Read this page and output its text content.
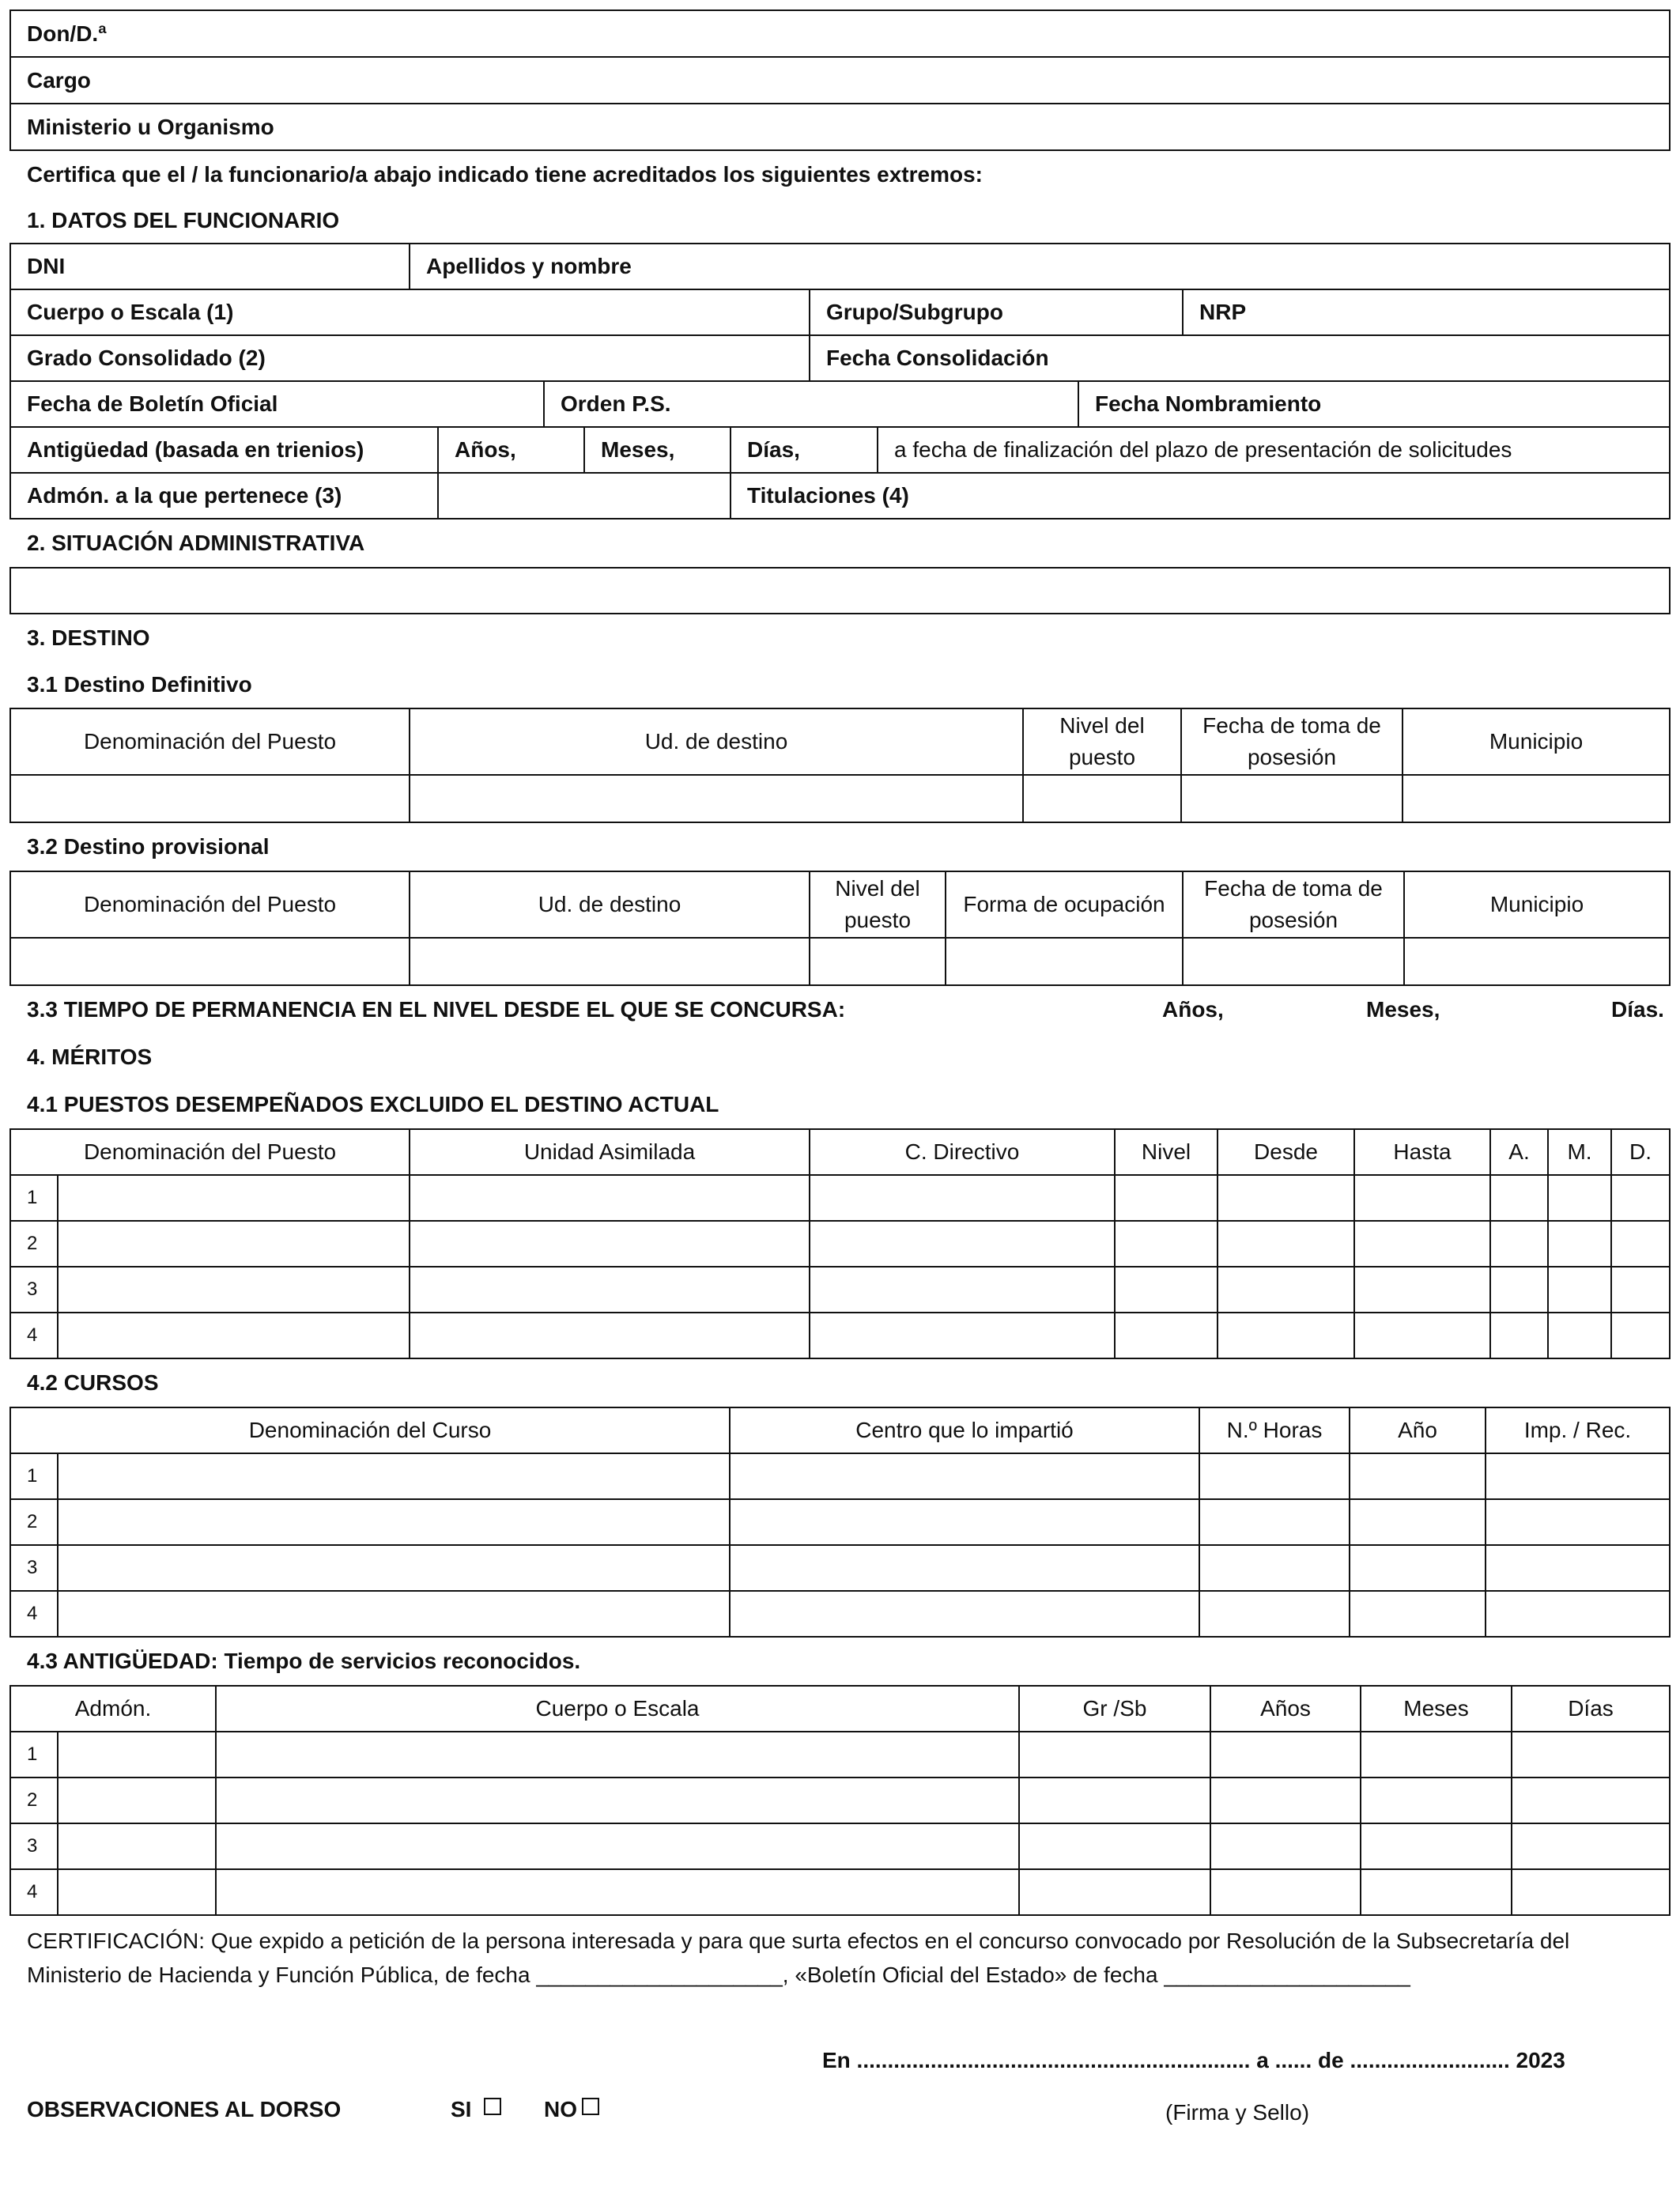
Don/D.ª
Cargo
Ministerio u Organismo
Certifica que el / la funcionario/a abajo indicado tiene acreditados los siguientes extremos:
1. DATOS DEL FUNCIONARIO
DNI	Apellidos y nombre
Cuerpo o Escala (1)	Grupo/Subgrupo	NRP
Grado Consolidado (2)	Fecha Consolidación	
Fecha de Boletín Oficial	Orden P.S.	Fecha Nombramiento
Antigüedad (basada en trienios)	Años,	Meses,	Días,	a fecha de finalización del plazo de presentación de solicitudes
Admón. a la que pertenece (3)		Titulaciones (4)
2. SITUACIÓN ADMINISTRATIVA
3. DESTINO
3.1 Destino Definitivo
Denominación del Puesto	Ud. de destino	Nivel del puesto	Fecha de toma de posesión	Municipio

3.2 Destino provisional
Denominación del Puesto	Ud. de destino	Nivel del puesto	Forma de ocupación	Fecha de toma de posesión	Municipio

3.3 TIEMPO DE PERMANENCIA EN EL NIVEL DESDE EL QUE SE CONCURSA:	Años,	Meses,	Días.
4. MÉRITOS
4.1 PUESTOS DESEMPEÑADOS EXCLUIDO EL DESTINO ACTUAL
Denominación del Puesto		Unidad Asimilada	C. Directivo	Nivel	Desde	Hasta	A.	M.	D.
1									
2									
3									
4									
4.2 CURSOS
Denominación del Curso		Centro que lo impartió	N.º Horas	Año	Imp. / Rec.
1					
2					
3					
4					
4.3 ANTIGÜEDAD: Tiempo de servicios reconocidos.
Admón.		Cuerpo o Escala	Gr /Sb	Años	Meses	Días
1						
2						
3						
4						
CERTIFICACIÓN: Que expido a petición de la persona interesada y para que surta efectos en el concurso convocado por Resolución de la Subsecretaría del
Ministerio de Hacienda y Función Pública, de fecha ____________________, «Boletín Oficial del Estado» de fecha ____________________
En ................................................................ a ...... de .......................... 2023
OBSERVACIONES AL DORSO	SI	NO	(Firma y Sello)
